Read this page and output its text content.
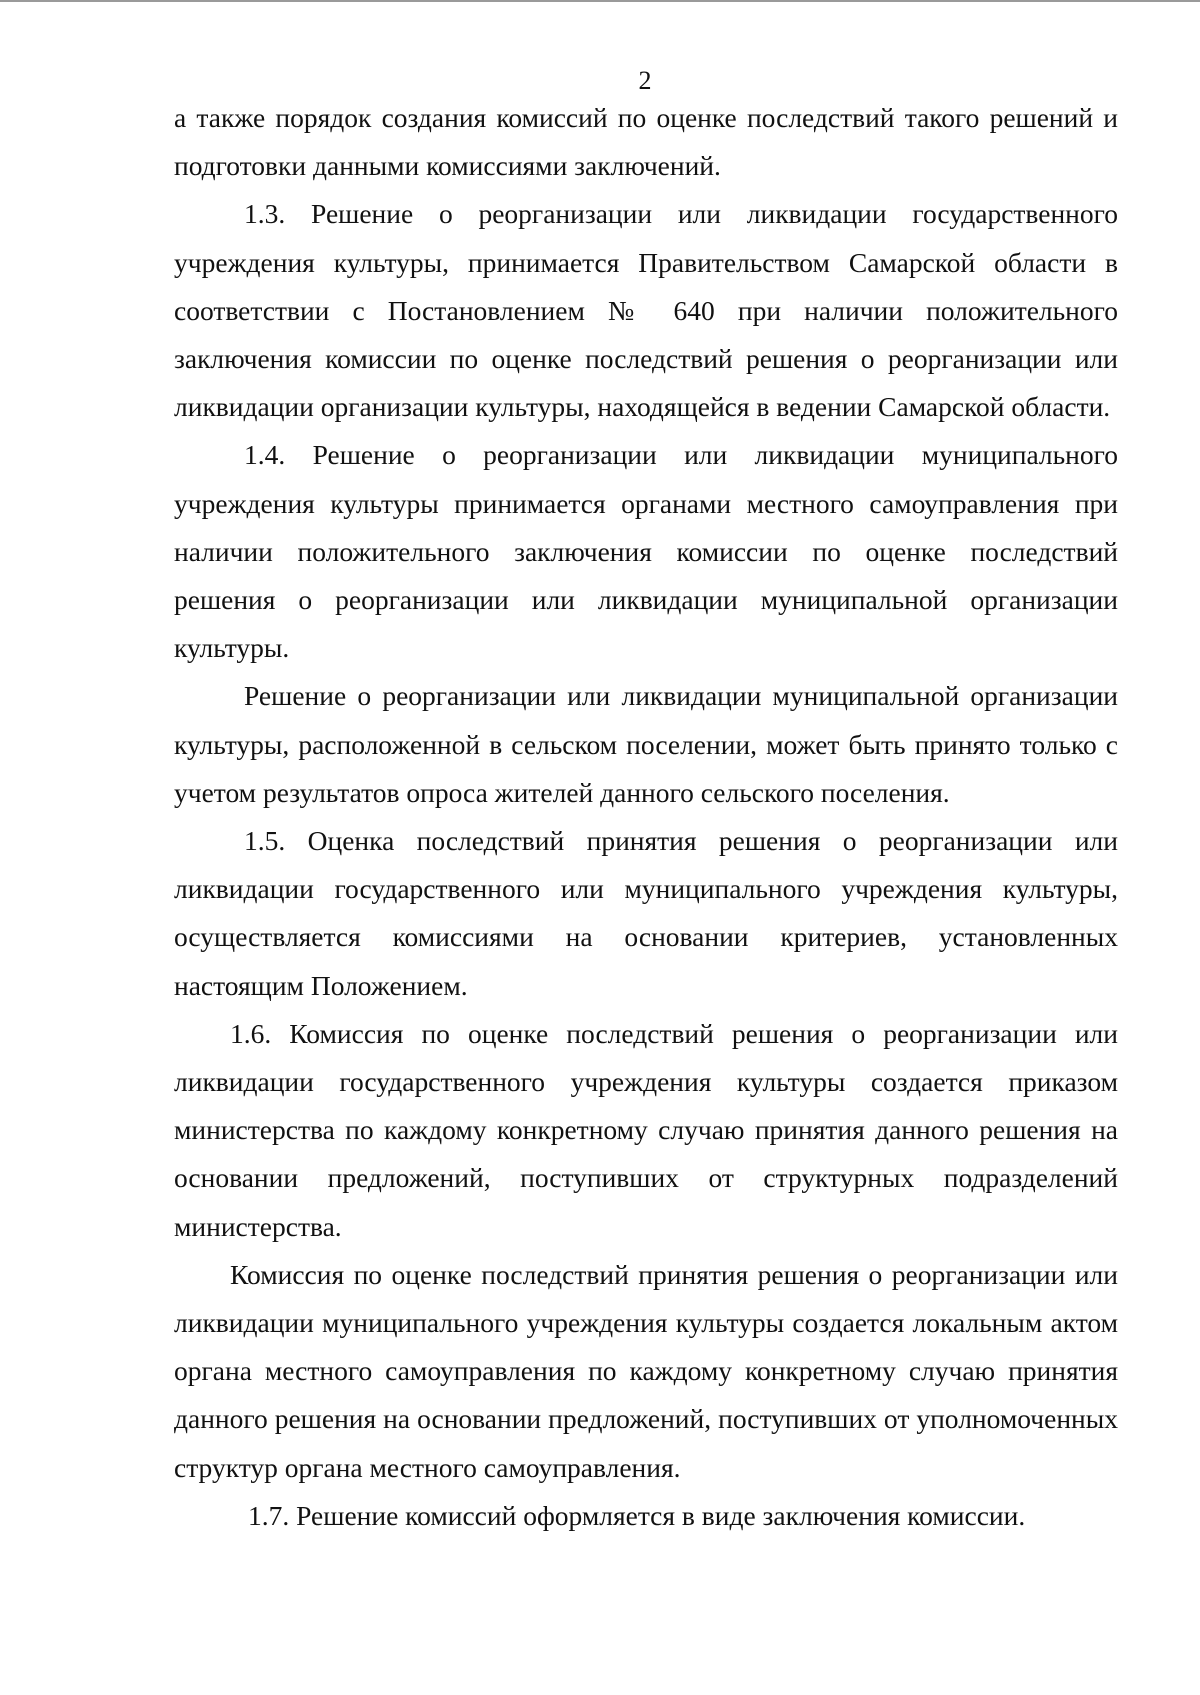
2

а также порядок создания комиссий по оценке последствий такого решений и подготовки данными комиссиями заключений.

1.3. Решение о реорганизации или ликвидации государственного учреждения культуры, принимается Правительством Самарской области в соответствии с Постановлением № 640 при наличии положительного заключения комиссии по оценке последствий решения о реорганизации или ликвидации организации культуры, находящейся в ведении Самарской области.

1.4. Решение о реорганизации или ликвидации муниципального учреждения культуры принимается органами местного самоуправления при наличии положительного заключения комиссии по оценке последствий решения о реорганизации или ликвидации муниципальной организации культуры.

Решение о реорганизации или ликвидации муниципальной организации культуры, расположенной в сельском поселении, может быть принято только с учетом результатов опроса жителей данного сельского поселения.

1.5. Оценка последствий принятия решения о реорганизации или ликвидации государственного или муниципального учреждения культуры, осуществляется комиссиями на основании критериев, установленных настоящим Положением.

1.6. Комиссия по оценке последствий решения о реорганизации или ликвидации государственного учреждения культуры создается приказом министерства по каждому конкретному случаю принятия данного решения на основании предложений, поступивших от структурных подразделений министерства.

Комиссия по оценке последствий принятия решения о реорганизации или ликвидации муниципального учреждения культуры создается локальным актом органа местного самоуправления по каждому конкретному случаю принятия данного решения на основании предложений, поступивших от уполномоченных структур органа местного самоуправления.

1.7. Решение комиссий оформляется в виде заключения комиссии.
